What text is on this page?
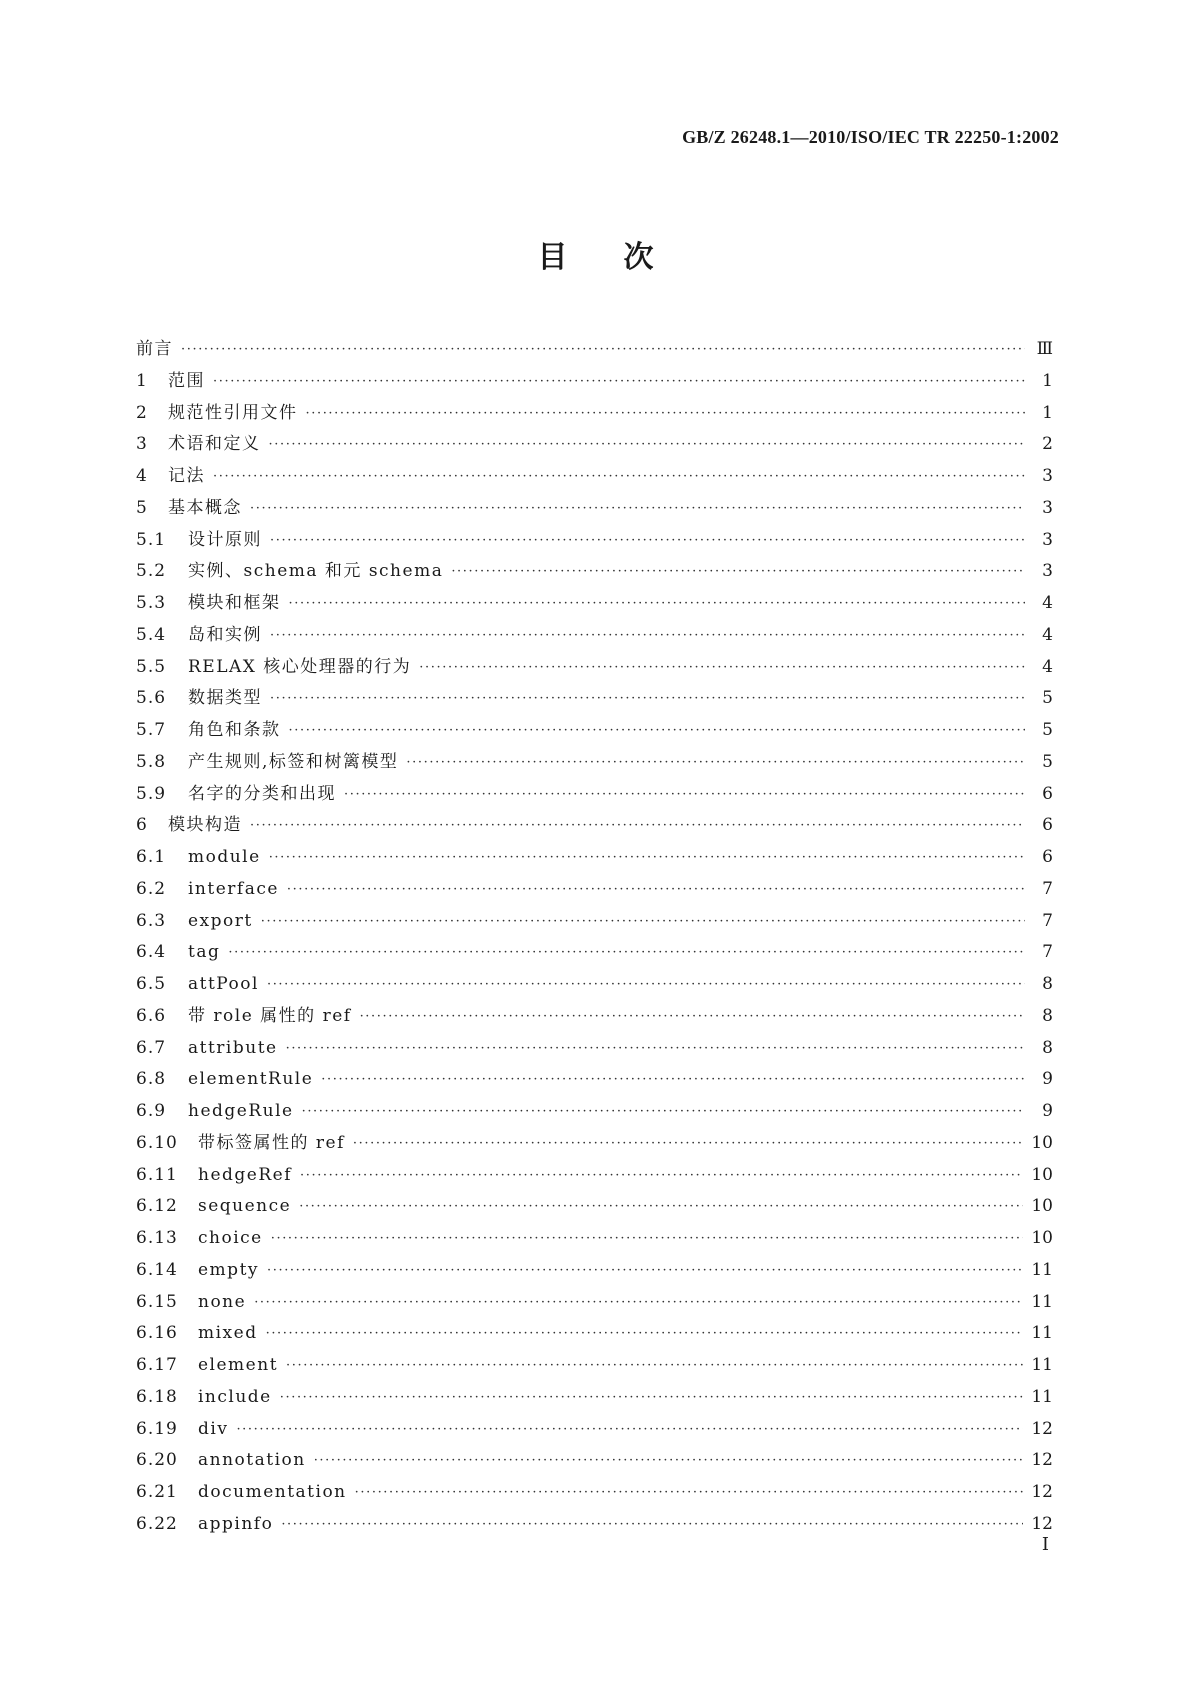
GB/Z 26248.1—2010/ISO/IEC TR 22250-1:2002
目次
前言 ·····	Ⅲ
1	范围 ·····	1
2	规范性引用文件 ·····	1
3	术语和定义 ·····	2
4	记法 ·····	3
5	基本概念 ·····	3
5.1	设计原则 ·····	3
5.2	实例、schema 和元 schema ·····	3
5.3	模块和框架 ·····	4
5.4	岛和实例 ·····	4
5.5	RELAX 核心处理器的行为 ·····	4
5.6	数据类型 ·····	5
5.7	角色和条款 ·····	5
5.8	产生规则,标签和树篱模型 ·····	5
5.9	名字的分类和出现 ·····	6
6	模块构造 ·····	6
6.1	module ·····	6
6.2	interface ·····	7
6.3	export ·····	7
6.4	tag ·····	7
6.5	attPool ·····	8
6.6	带 role 属性的 ref ·····	8
6.7	attribute ·····	8
6.8	elementRule ·····	9
6.9	hedgeRule ·····	9
6.10	带标签属性的 ref ·····	10
6.11	hedgeRef ·····	10
6.12	sequence ·····	10
6.13	choice ·····	10
6.14	empty ·····	11
6.15	none ·····	11
6.16	mixed ·····	11
6.17	element ·····	11
6.18	include ·····	11
6.19	div ·····	12
6.20	annotation ·····	12
6.21	documentation ·····	12
6.22	appinfo ·····	12
I
